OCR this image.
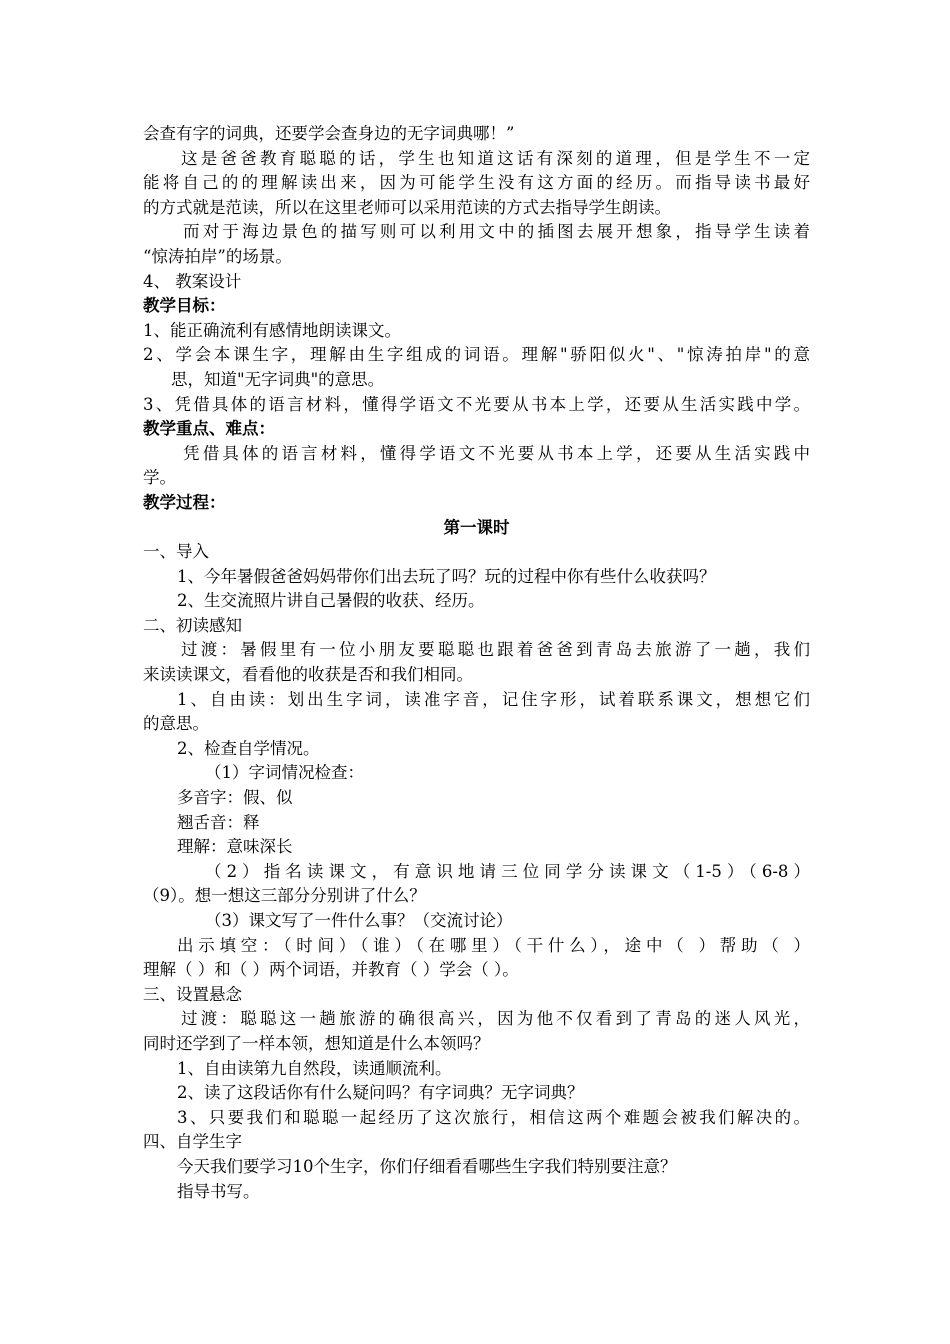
会查有字的词典，还要学会查身边的无字词典哪！”
这是爸爸教育聪聪的话，学生也知道这话有深刻的道理，但是学生不一定
能将自己的的理解读出来，因为可能学生没有这方面的经历。而指导读书最好
的方式就是范读，所以在这里老师可以采用范读的方式去指导学生朗读。
而对于海边景色的描写则可以利用文中的插图去展开想象，指导学生读着
“惊涛拍岸”的场景。
4、 教案设计
教学目标：
1、能正确流利有感情地朗读课文。
2、学会本课生字，理解由生字组成的词语。理解"骄阳似火"、"惊涛拍岸"的意
思，知道"无字词典"的意思。
3、凭借具体的语言材料，懂得学语文不光要从书本上学，还要从生活实践中学。
教学重点、难点：
凭借具体的语言材料，懂得学语文不光要从书本上学，还要从生活实践中
学。
教学过程：
第一课时
一、导入
1、今年暑假爸爸妈妈带你们出去玩了吗？玩的过程中你有些什么收获吗？
2、生交流照片讲自己暑假的收获、经历。
二、初读感知
过渡：暑假里有一位小朋友要聪聪也跟着爸爸到青岛去旅游了一趟，我们
来读读课文，看看他的收获是否和我们相同。
1、自由读：划出生字词，读准字音，记住字形，试着联系课文，想想它们
的意思。
2、检查自学情况。
（1）字词情况检查：
多音字：假、似
翘舌音：释
理解：意味深长
（2）指名读课文，有意识地请三位同学分读课文（1-5）（6-8）
（9）。想一想这三部分分别讲了什么？
（3）课文写了一件什么事？（交流讨论）
出示填空：（时间）（谁）（在哪里）（干什么），途中（ ）帮助（ ）
理解（ ）和（ ）两个词语，并教育（ ）学会（ ）。
三、设置悬念
过渡：聪聪这一趟旅游的确很高兴，因为他不仅看到了青岛的迷人风光，
同时还学到了一样本领，想知道是什么本领吗？
1、自由读第九自然段，读通顺流利。
2、读了这段话你有什么疑问吗？有字词典？无字词典？
3、只要我们和聪聪一起经历了这次旅行，相信这两个难题会被我们解决的。
四、自学生字
今天我们要学习10个生字，你们仔细看看哪些生字我们特别要注意？
指导书写。
